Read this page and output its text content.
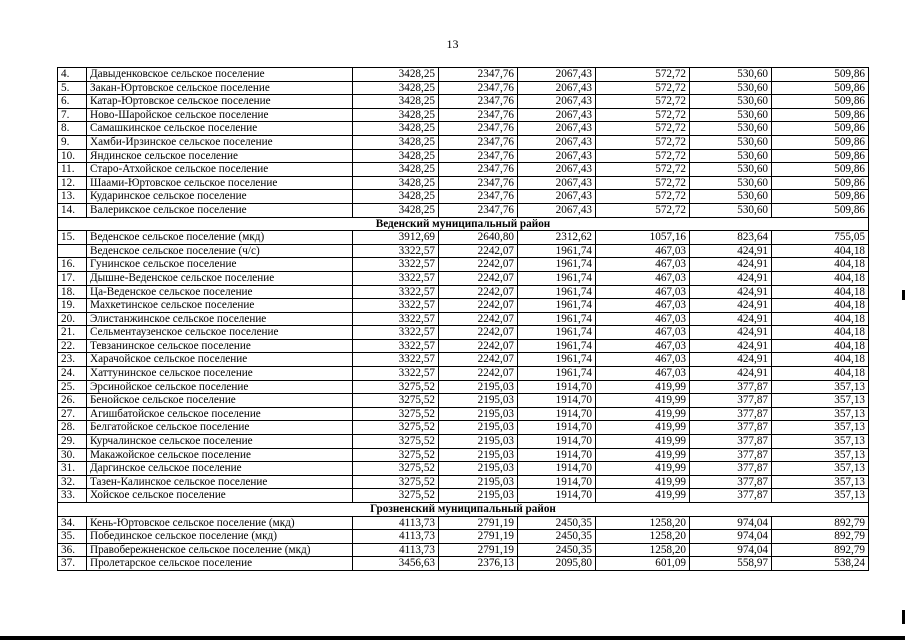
13
4.	Давыденковское сельское поселение	3428,25	2347,76	2067,43	572,72	530,60	509,86
5.	Закан-Юртовское сельское поселение	3428,25	2347,76	2067,43	572,72	530,60	509,86
6.	Катар-Юртовское сельское поселение	3428,25	2347,76	2067,43	572,72	530,60	509,86
7.	Ново-Шаройское сельское поселение	3428,25	2347,76	2067,43	572,72	530,60	509,86
8.	Самашкинское сельское поселение	3428,25	2347,76	2067,43	572,72	530,60	509,86
9.	Хамби-Ирзинское сельское поселение	3428,25	2347,76	2067,43	572,72	530,60	509,86
10.	Яндинское сельское поселение	3428,25	2347,76	2067,43	572,72	530,60	509,86
11.	Старо-Атхойское сельское поселение	3428,25	2347,76	2067,43	572,72	530,60	509,86
12.	Шаами-Юртовское сельское поселение	3428,25	2347,76	2067,43	572,72	530,60	509,86
13.	Кударинское сельское поселение	3428,25	2347,76	2067,43	572,72	530,60	509,86
14.	Валерикское сельское поселение	3428,25	2347,76	2067,43	572,72	530,60	509,86
Веденский муниципальный район							
15.	Веденское сельское поселение (мкд)	3912,69	2640,80	2312,62	1057,16	823,64	755,05
	Веденское сельское поселение (ч/с)	3322,57	2242,07	1961,74	467,03	424,91	404,18
16.	Гунинское сельское поселение	3322,57	2242,07	1961,74	467,03	424,91	404,18
17.	Дышне-Веденское сельское поселение	3322,57	2242,07	1961,74	467,03	424,91	404,18
18.	Ца-Веденское сельское поселение	3322,57	2242,07	1961,74	467,03	424,91	404,18
19.	Махкетинское сельское поселение	3322,57	2242,07	1961,74	467,03	424,91	404,18
20.	Элистанжинское сельское поселение	3322,57	2242,07	1961,74	467,03	424,91	404,18
21.	Сельментаузенское сельское поселение	3322,57	2242,07	1961,74	467,03	424,91	404,18
22.	Тевзанинское сельское поселение	3322,57	2242,07	1961,74	467,03	424,91	404,18
23.	Харачойское сельское поселение	3322,57	2242,07	1961,74	467,03	424,91	404,18
24.	Хаттунинское сельское поселение	3322,57	2242,07	1961,74	467,03	424,91	404,18
25.	Эрсинойское сельское поселение	3275,52	2195,03	1914,70	419,99	377,87	357,13
26.	Бенойское сельское поселение	3275,52	2195,03	1914,70	419,99	377,87	357,13
27.	Агишбатойское сельское поселение	3275,52	2195,03	1914,70	419,99	377,87	357,13
28.	Белгатойское сельское поселение	3275,52	2195,03	1914,70	419,99	377,87	357,13
29.	Курчалинское сельское поселение	3275,52	2195,03	1914,70	419,99	377,87	357,13
30.	Макажойское сельское поселение	3275,52	2195,03	1914,70	419,99	377,87	357,13
31.	Даргинское сельское поселение	3275,52	2195,03	1914,70	419,99	377,87	357,13
32.	Тазен-Калинское сельское поселение	3275,52	2195,03	1914,70	419,99	377,87	357,13
33.	Хойское сельское поселение	3275,52	2195,03	1914,70	419,99	377,87	357,13
Грозненский муниципальный район							
34.	Кень-Юртовское сельское поселение (мкд)	4113,73	2791,19	2450,35	1258,20	974,04	892,79
35.	Побединское сельское поселение (мкд)	4113,73	2791,19	2450,35	1258,20	974,04	892,79
36.	Правобережненское сельское поселение (мкд)	4113,73	2791,19	2450,35	1258,20	974,04	892,79
37.	Пролетарское сельское поселение	3456,63	2376,13	2095,80	601,09	558,97	538,24
